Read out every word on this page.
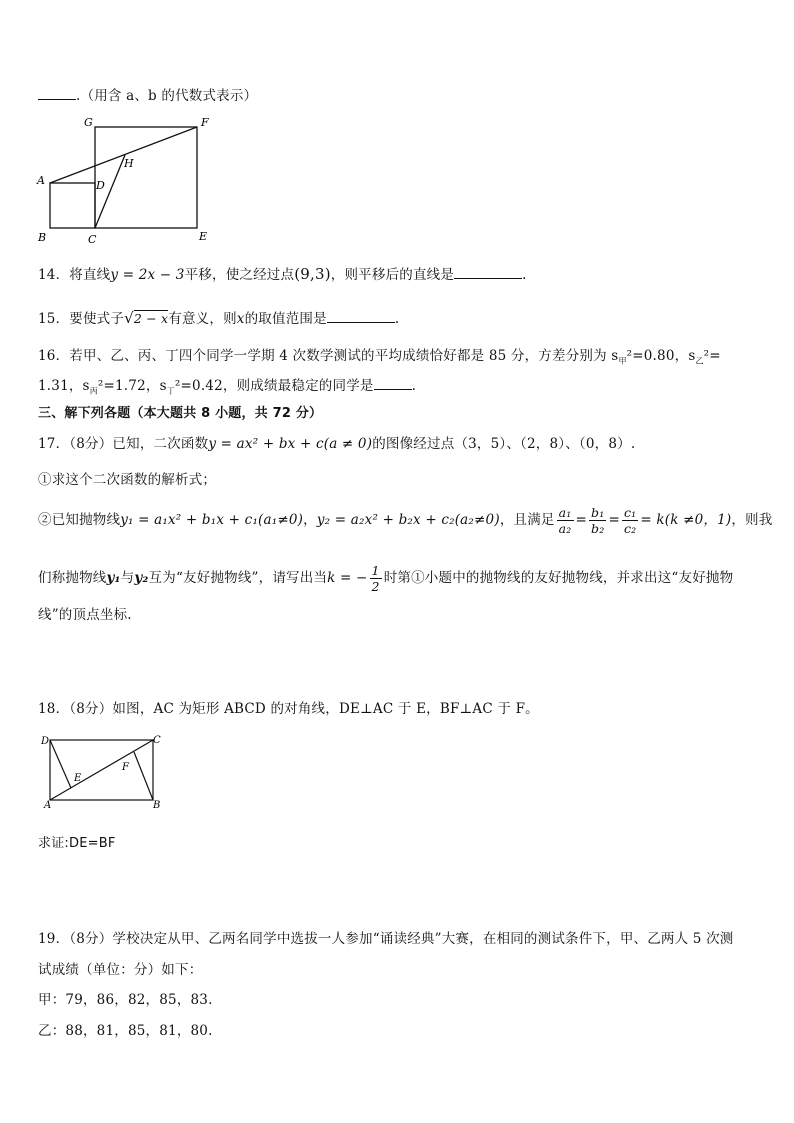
.（用含 a、b 的代数式表示）
G	F
H
A	D
B	C	E
14．将直线y = 2x − 3平移，使之经过点(9,3)，则平移后的直线是	.
15．要使式子√2 − x有意义，则x的取值范围是	.
16．若甲、乙、丙、丁四个同学一学期 4 次数学测试的平均成绩恰好都是 85 分，方差分别为 $s_甲^2=0.80$，$s_乙^2=$
1.31，$s_丙^2=1.72$，$s_丁^2=0.42$，则成绩最稳定的同学是	.
三、解下列各题（本大题共 8 小题，共 72 分）
17．（8分）已知，二次函数y = ax² + bx + c(a ≠ 0)的图像经过点（3，5）、（2，8）、（0，8）.
①求这个二次函数的解析式；
②已知抛物线y₁ = a₁x² + b₁x + c₁(a₁≠0)，y₂ = a₂x² + b₂x + c₂(a₂≠0)，且满足 $\frac{\text{a₁}}{\text{a₂}} = \frac{\text{b₁}}{\text{b₂}} = \frac{\text{c₁}}{\text{c₂}} = k(k \ne 0$，1)，则我
们称抛物线y₁与y₂互为“友好抛物线”，请写出当k = − $\frac{1}{2}$ 时第①小题中的抛物线的友好抛物线，并求出这“友好抛物
线”的顶点坐标.
18．（8分）如图，AC 为矩形 ABCD 的对角线，DE⊥AC 于 E，BF⊥AC 于 F。
D	C
E
F
A	B
求证:DE=BF
19．（8分）学校决定从甲、乙两名同学中选拔一人参加“诵读经典”大赛，在相同的测试条件下，甲、乙两人 5 次测
试成绩（单位：分）如下：
甲：79，86，82，85，83.
乙：88，81，85，81，80.
